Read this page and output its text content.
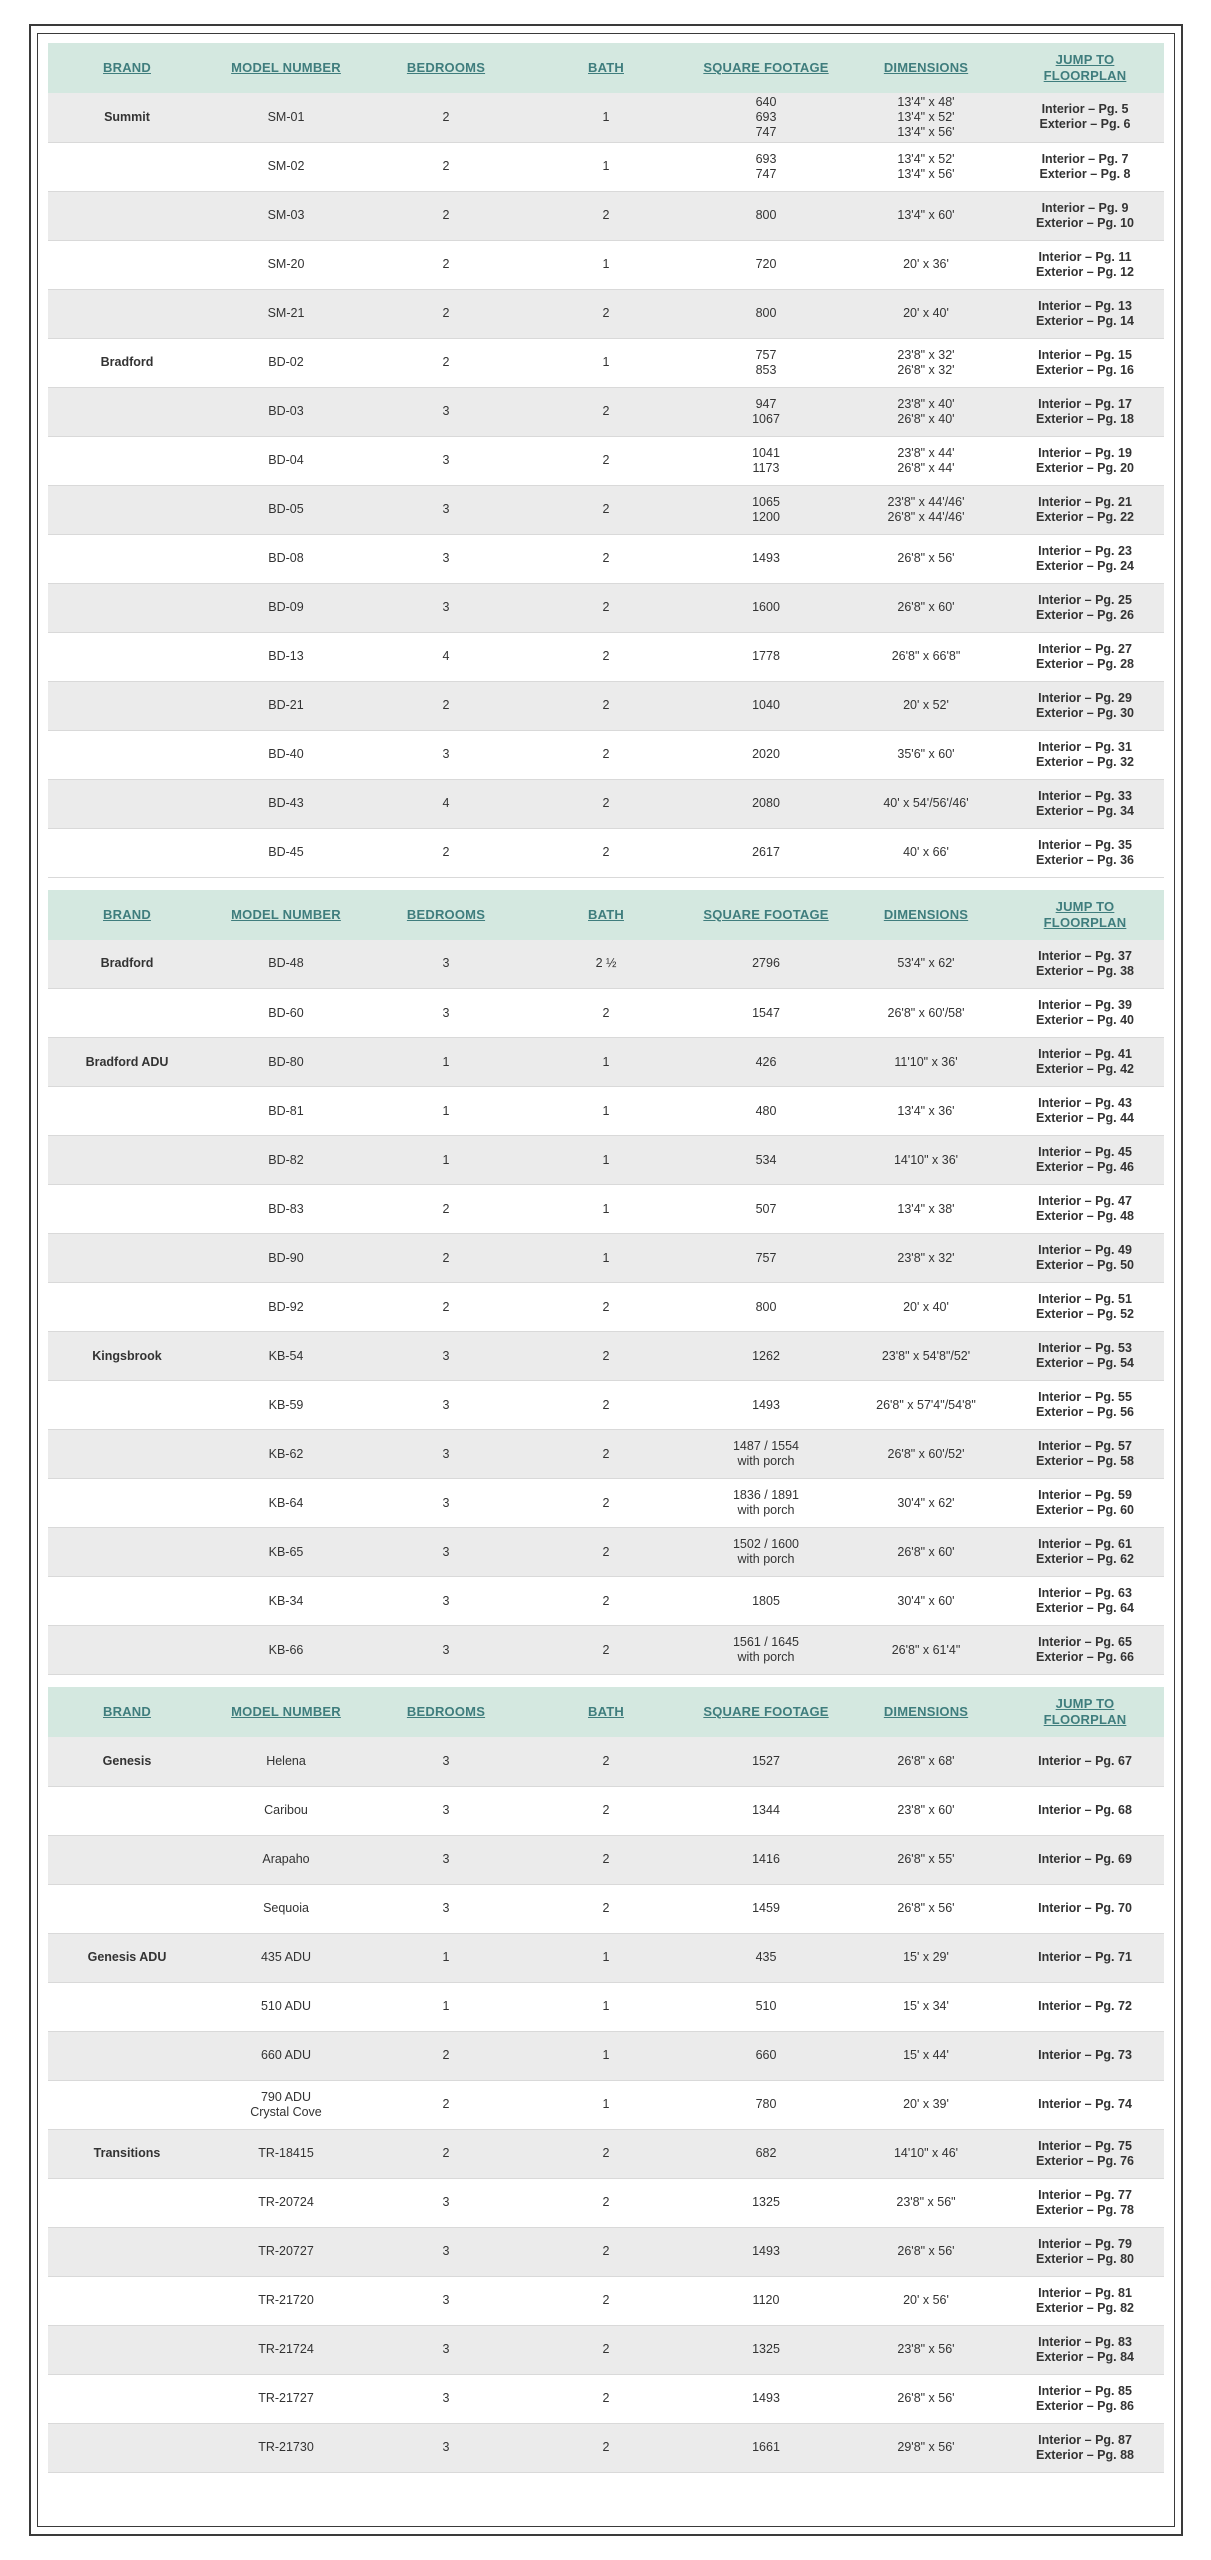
BRAND	MODEL NUMBER	BEDROOMS	BATH	SQUARE FOOTAGE	DIMENSIONS	JUMP TO
FLOORPLAN

Summit	SM-01	2	1	640
693
747	13'4" x 48'
13'4" x 52'
13'4" x 56'	Interior – Pg. 5
Exterior – Pg. 6

	SM-02	2	1	693
747	13'4" x 52'
13'4" x 56'	Interior – Pg. 7
Exterior – Pg. 8

	SM-03	2	2	800	13'4" x 60'	Interior – Pg. 9
Exterior – Pg. 10

	SM-20	2	1	720	20' x 36'	Interior – Pg. 11
Exterior – Pg. 12

	SM-21	2	2	800	20' x 40'	Interior – Pg. 13
Exterior – Pg. 14

Bradford	BD-02	2	1	757
853	23'8" x 32'
26'8" x 32'	Interior – Pg. 15
Exterior – Pg. 16

	BD-03	3	2	947
1067	23'8" x 40'
26'8" x 40'	Interior – Pg. 17
Exterior – Pg. 18

	BD-04	3	2	1041
1173	23'8" x 44'
26'8" x 44'	Interior – Pg. 19
Exterior – Pg. 20

	BD-05	3	2	1065
1200	23'8" x 44'/46'
26'8" x 44'/46'	Interior – Pg. 21
Exterior – Pg. 22

	BD-08	3	2	1493	26'8" x 56'	Interior – Pg. 23
Exterior – Pg. 24

	BD-09	3	2	1600	26'8" x 60'	Interior – Pg. 25
Exterior – Pg. 26

	BD-13	4	2	1778	26'8" x 66'8"	Interior – Pg. 27
Exterior – Pg. 28

	BD-21	2	2	1040	20' x 52'	Interior – Pg. 29
Exterior – Pg. 30

	BD-40	3	2	2020	35'6" x 60'	Interior – Pg. 31
Exterior – Pg. 32

	BD-43	4	2	2080	40' x 54'/56'/46'	Interior – Pg. 33
Exterior – Pg. 34

	BD-45	2	2	2617	40' x 66'	Interior – Pg. 35
Exterior – Pg. 36
BRAND	MODEL NUMBER	BEDROOMS	BATH	SQUARE FOOTAGE	DIMENSIONS	JUMP TO
FLOORPLAN

Bradford	BD-48	3	2 ½	2796	53'4" x 62'	Interior – Pg. 37
Exterior – Pg. 38

	BD-60	3	2	1547	26'8" x 60'/58'	Interior – Pg. 39
Exterior – Pg. 40

Bradford ADU	BD-80	1	1	426	11'10" x 36'	Interior – Pg. 41
Exterior – Pg. 42

	BD-81	1	1	480	13'4" x 36'	Interior – Pg. 43
Exterior – Pg. 44

	BD-82	1	1	534	14'10" x 36'	Interior – Pg. 45
Exterior – Pg. 46

	BD-83	2	1	507	13'4" x 38'	Interior – Pg. 47
Exterior – Pg. 48

	BD-90	2	1	757	23'8" x 32'	Interior – Pg. 49
Exterior – Pg. 50

	BD-92	2	2	800	20' x 40'	Interior – Pg. 51
Exterior – Pg. 52

Kingsbrook	KB-54	3	2	1262	23'8" x 54'8"/52'	Interior – Pg. 53
Exterior – Pg. 54

	KB-59	3	2	1493	26'8" x 57'4"/54'8"	Interior – Pg. 55
Exterior – Pg. 56

	KB-62	3	2	1487 / 1554
with porch	26'8" x 60'/52'	Interior – Pg. 57
Exterior – Pg. 58

	KB-64	3	2	1836 / 1891
with porch	30'4" x 62'	Interior – Pg. 59
Exterior – Pg. 60

	KB-65	3	2	1502 / 1600
with porch	26'8" x 60'	Interior – Pg. 61
Exterior – Pg. 62

	KB-34	3	2	1805	30'4" x 60'	Interior – Pg. 63
Exterior – Pg. 64

	KB-66	3	2	1561 / 1645
with porch	26'8" x 61'4"	Interior – Pg. 65
Exterior – Pg. 66
BRAND	MODEL NUMBER	BEDROOMS	BATH	SQUARE FOOTAGE	DIMENSIONS	JUMP TO
FLOORPLAN

Genesis	Helena	3	2	1527	26'8" x 68'	Interior – Pg. 67

	Caribou	3	2	1344	23'8" x 60'	Interior – Pg. 68

	Arapaho	3	2	1416	26'8" x 55'	Interior – Pg. 69

	Sequoia	3	2	1459	26'8" x 56'	Interior – Pg. 70

Genesis ADU	435 ADU	1	1	435	15' x 29'	Interior – Pg. 71

	510 ADU	1	1	510	15' x 34'	Interior – Pg. 72

	660 ADU	2	1	660	15' x 44'	Interior – Pg. 73

	790 ADU
Crystal Cove	2	1	780	20' x 39'	Interior – Pg. 74

Transitions	TR-18415	2	2	682	14'10" x 46'	Interior – Pg. 75
Exterior – Pg. 76

	TR-20724	3	2	1325	23'8" x 56"	Interior – Pg. 77
Exterior – Pg. 78

	TR-20727	3	2	1493	26'8" x 56'	Interior – Pg. 79
Exterior – Pg. 80

	TR-21720	3	2	1120	20' x 56'	Interior – Pg. 81
Exterior – Pg. 82

	TR-21724	3	2	1325	23'8" x 56'	Interior – Pg. 83
Exterior – Pg. 84

	TR-21727	3	2	1493	26'8" x 56'	Interior – Pg. 85
Exterior – Pg. 86

	TR-21730	3	2	1661	29'8" x 56'	Interior – Pg. 87
Exterior – Pg. 88
